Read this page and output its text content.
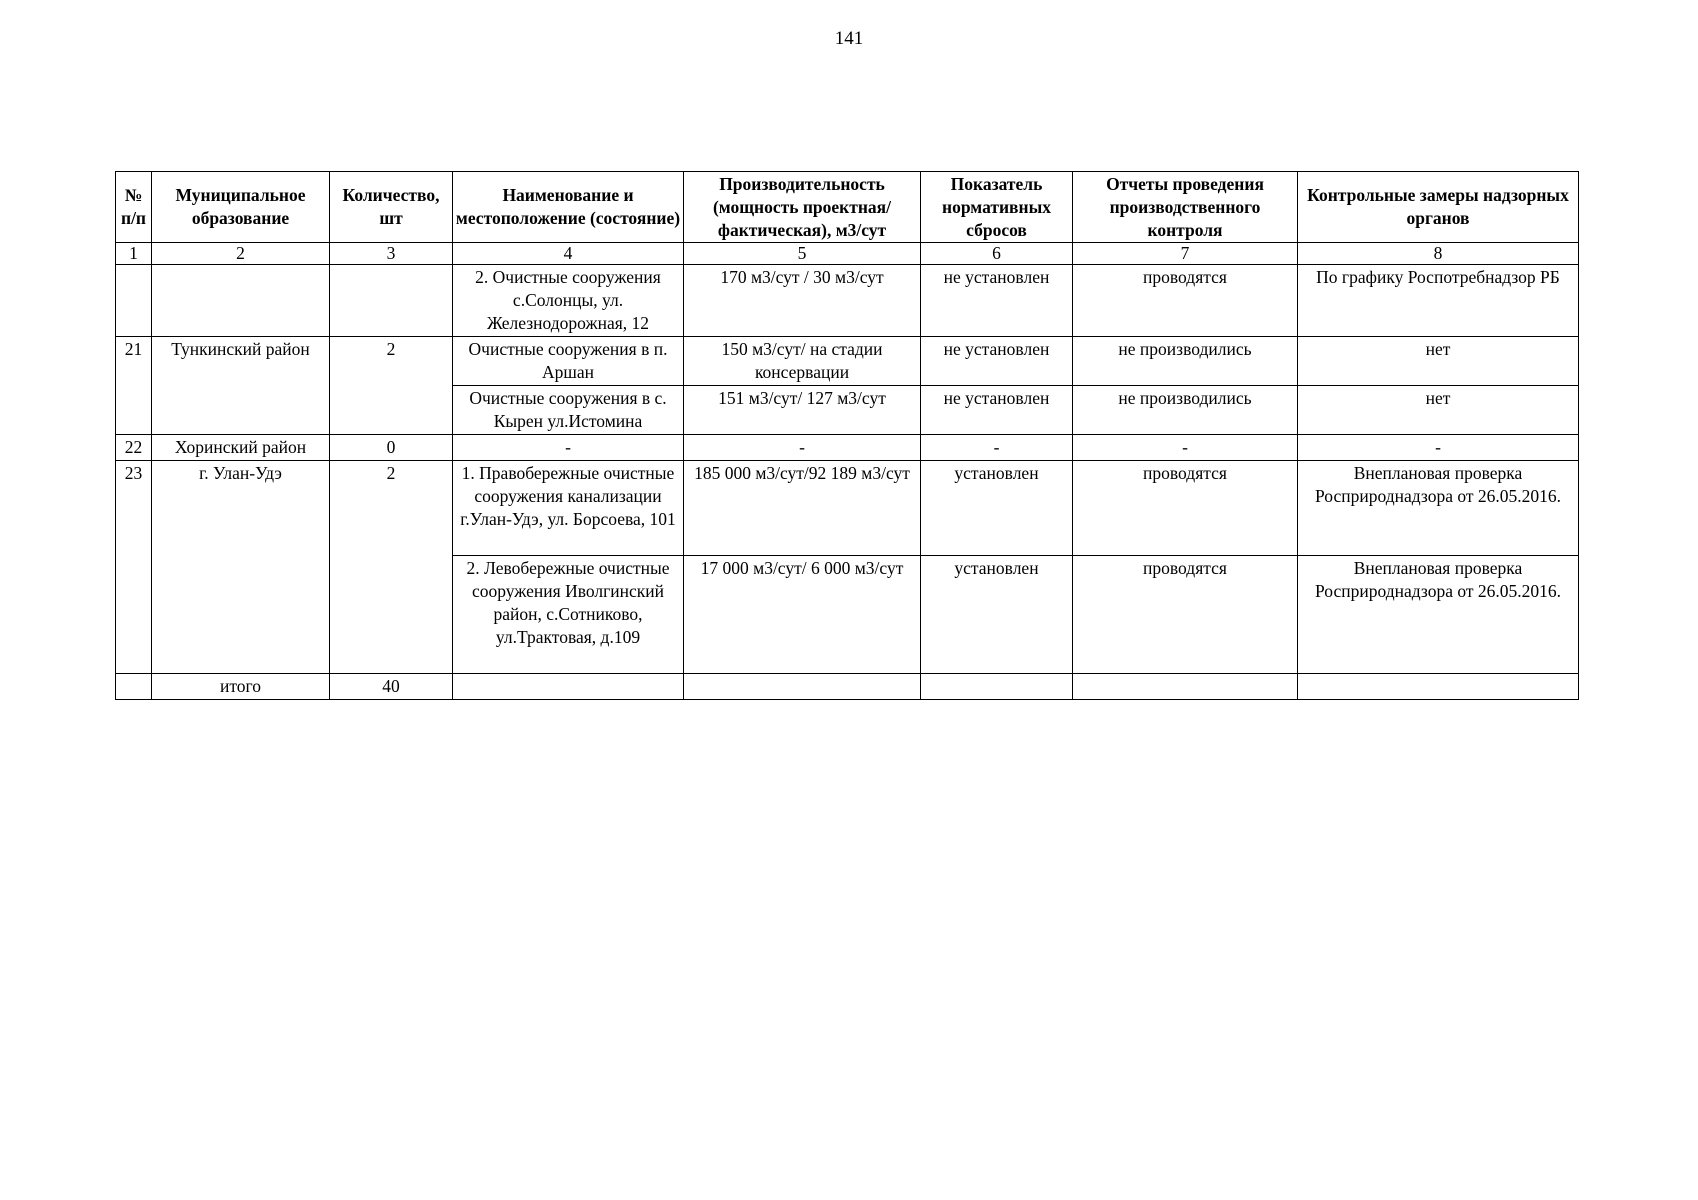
141
№ п/п	Муниципальное образование	Количество, шт	Наименование и местоположение (состояние)	Производительность (мощность проектная/ фактическая), м3/сут	Показатель нормативных сбросов	Отчеты проведения производственного контроля	Контрольные замеры надзорных органов
1	2	3	4	5	6	7	8
			2. Очистные сооружения с.Солонцы, ул. Железнодорожная, 12	170 м3/сут / 30 м3/сут	не установлен	проводятся	По графику Роспотребнадзор РБ
21	Тункинский район	2	Очистные сооружения в п. Аршан	150 м3/сут/ на стадии консервации	не установлен	не производились	нет
			Очистные сооружения в с. Кырен ул.Истомина	151 м3/сут/ 127 м3/сут	не установлен	не производились	нет
22	Хоринский район	0	-	-	-	-	-
23	г. Улан-Удэ	2	1. Правобережные очистные сооружения канализации г.Улан-Удэ, ул. Борсоева, 101	185 000 м3/сут/92 189 м3/сут	установлен	проводятся	Внеплановая проверка Росприроднадзора от 26.05.2016.
			2. Левобережные очистные сооружения Иволгинский район, с.Сотниково, ул.Трактовая, д.109	17 000 м3/сут/ 6 000 м3/сут	установлен	проводятся	Внеплановая проверка Росприроднадзора от 26.05.2016.
	итого	40					
